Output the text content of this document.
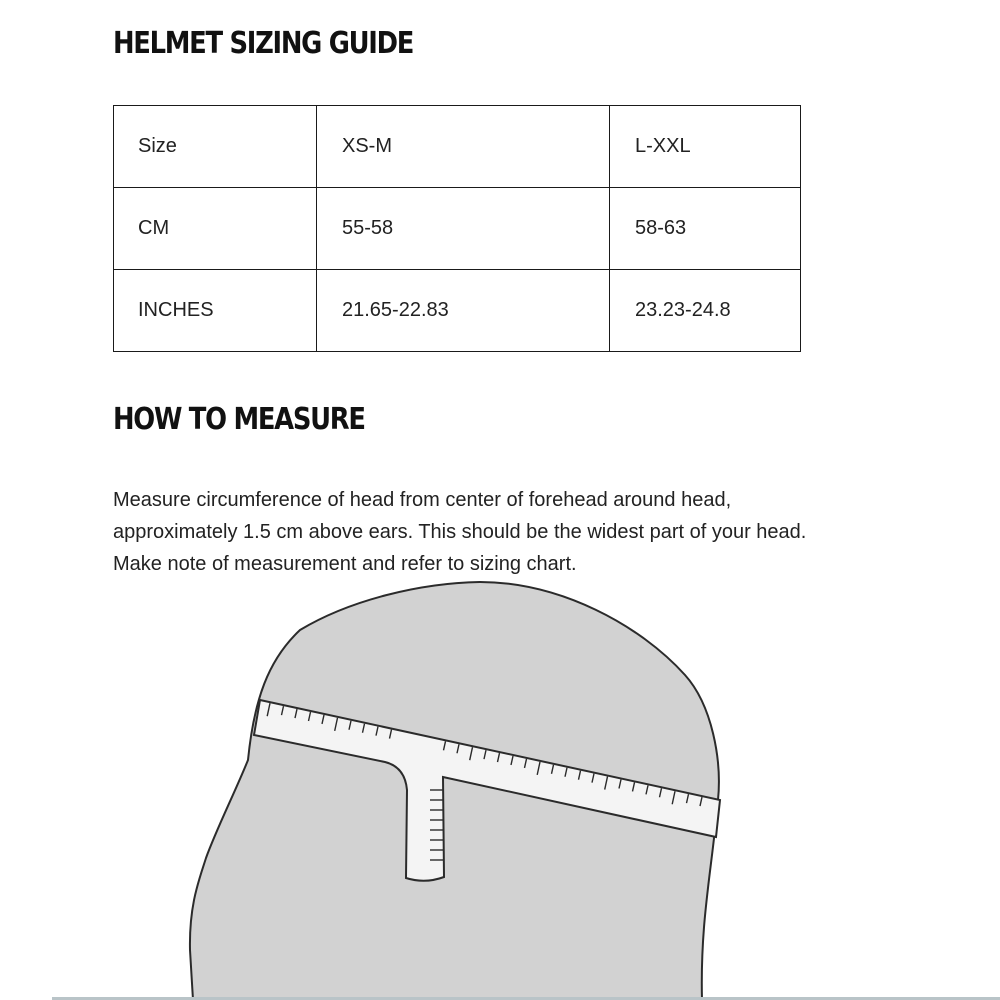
HELMET SIZING GUIDE
Size	XS-M	L-XXL
CM	55-58	58-63
INCHES	21.65-22.83	23.23-24.8
HOW TO MEASURE

Measure circumference of head from center of forehead around head, approximately 1.5 cm above ears. This should be the widest part of your head. Make note of measurement and refer to sizing chart.
